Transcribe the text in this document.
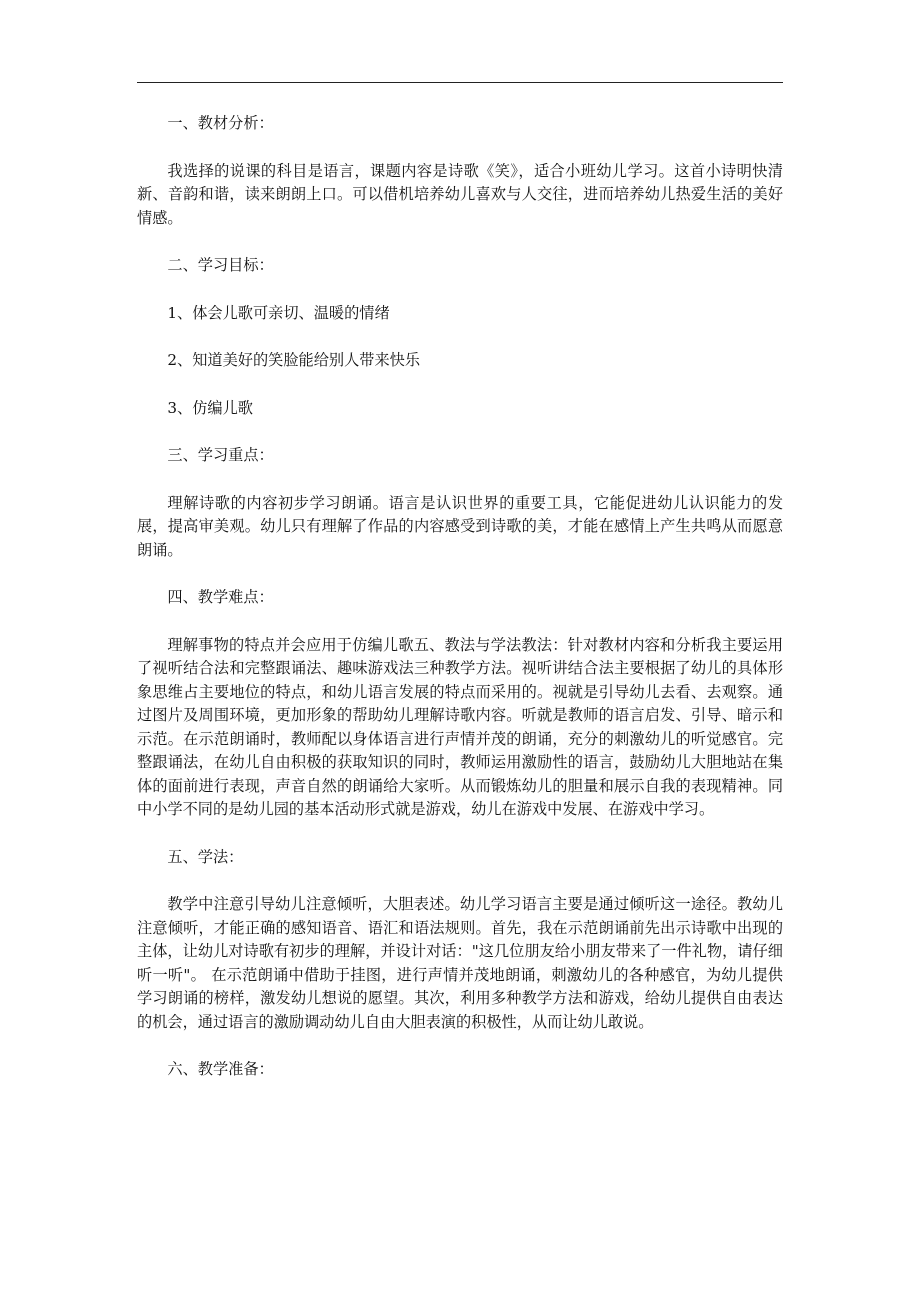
一、教材分析：

我选择的说课的科目是语言，课题内容是诗歌《笑》，适合小班幼儿学习。这首小诗明快清新、音韵和谐，读来朗朗上口。可以借机培养幼儿喜欢与人交往，进而培养幼儿热爱生活的美好情感。

二、学习目标：

1、体会儿歌可亲切、温暖的情绪

2、知道美好的笑脸能给别人带来快乐

3、仿编儿歌

三、学习重点：

理解诗歌的内容初步学习朗诵。语言是认识世界的重要工具，它能促进幼儿认识能力的发展，提高审美观。幼儿只有理解了作品的内容感受到诗歌的美，才能在感情上产生共鸣从而愿意朗诵。

四、教学难点：

理解事物的特点并会应用于仿编儿歌五、教法与学法教法：针对教材内容和分析我主要运用了视听结合法和完整跟诵法、趣味游戏法三种教学方法。视听讲结合法主要根据了幼儿的具体形象思维占主要地位的特点，和幼儿语言发展的特点而采用的。视就是引导幼儿去看、去观察。通过图片及周围环境，更加形象的帮助幼儿理解诗歌内容。听就是教师的语言启发、引导、暗示和示范。在示范朗诵时，教师配以身体语言进行声情并茂的朗诵，充分的刺激幼儿的听觉感官。完整跟诵法，在幼儿自由积极的获取知识的同时，教师运用激励性的语言，鼓励幼儿大胆地站在集体的面前进行表现，声音自然的朗诵给大家听。从而锻炼幼儿的胆量和展示自我的表现精神。同中小学不同的是幼儿园的基本活动形式就是游戏，幼儿在游戏中发展、在游戏中学习。

五、学法：

教学中注意引导幼儿注意倾听，大胆表述。幼儿学习语言主要是通过倾听这一途径。教幼儿注意倾听，才能正确的感知语音、语汇和语法规则。首先，我在示范朗诵前先出示诗歌中出现的主体，让幼儿对诗歌有初步的理解，并设计对话："这几位朋友给小朋友带来了一件礼物，请仔细听一听"。 在示范朗诵中借助于挂图，进行声情并茂地朗诵，刺激幼儿的各种感官，为幼儿提供学习朗诵的榜样，激发幼儿想说的愿望。其次，利用多种教学方法和游戏，给幼儿提供自由表达的机会，通过语言的激励调动幼儿自由大胆表演的积极性，从而让幼儿敢说。

六、教学准备：
